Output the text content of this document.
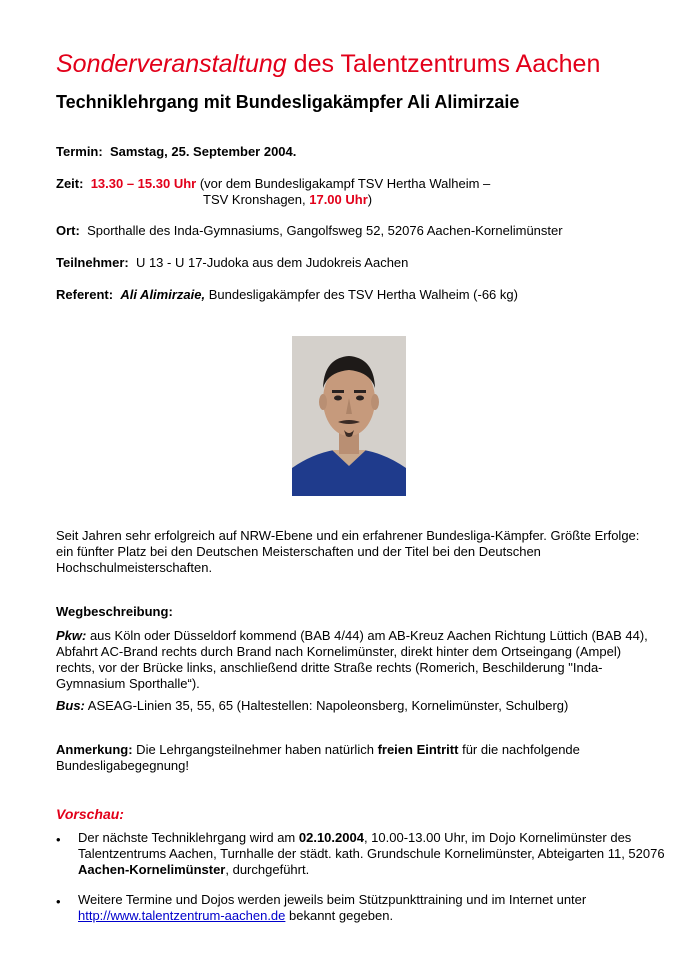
Sonderveranstaltung des Talentzentrums Aachen
Techniklehrgang mit Bundesligakämpfer Ali Alimirzaie
Termin: Samstag, 25. September 2004.
Zeit: 13.30 – 15.30 Uhr (vor dem Bundesligakampf TSV Hertha Walheim –
TSV Kronshagen, 17.00 Uhr)
Ort: Sporthalle des Inda-Gymnasiums, Gangolfsweg 52, 52076 Aachen-Kornelimünster
Teilnehmer: U 13 - U 17-Judoka aus dem Judokreis Aachen
Referent: Ali Alimirzaie, Bundesligakämpfer des TSV Hertha Walheim (-66 kg)
Seit Jahren sehr erfolgreich auf NRW-Ebene und ein erfahrener Bundesliga-Kämpfer. Größte Erfolge: ein fünfter Platz bei den Deutschen Meisterschaften und der Titel bei den Deutschen Hochschulmeisterschaften.
Wegbeschreibung:
Pkw: aus Köln oder Düsseldorf kommend (BAB 4/44) am AB-Kreuz Aachen Richtung Lüttich (BAB 44), Abfahrt AC-Brand rechts durch Brand nach Kornelimünster, direkt hinter dem Ortseingang (Ampel) rechts, vor der Brücke links, anschließend dritte Straße rechts (Romerich, Beschilderung "Inda-Gymnasium Sporthalle“).
Bus: ASEAG-Linien 35, 55, 65 (Haltestellen: Napoleonsberg, Kornelimünster, Schulberg)
Anmerkung: Die Lehrgangsteilnehmer haben natürlich freien Eintritt für die nachfolgende Bundesligabegegnung!
Vorschau:
• Der nächste Techniklehrgang wird am 02.10.2004, 10.00-13.00 Uhr, im Dojo Kornelimünster des Talentzentrums Aachen, Turnhalle der städt. kath. Grundschule Kornelimünster, Abteigarten 11, 52076 Aachen-Kornelimünster, durchgeführt.
• Weitere Termine und Dojos werden jeweils beim Stützpunkttraining und im Internet unter http://www.talentzentrum-aachen.de bekannt gegeben.
